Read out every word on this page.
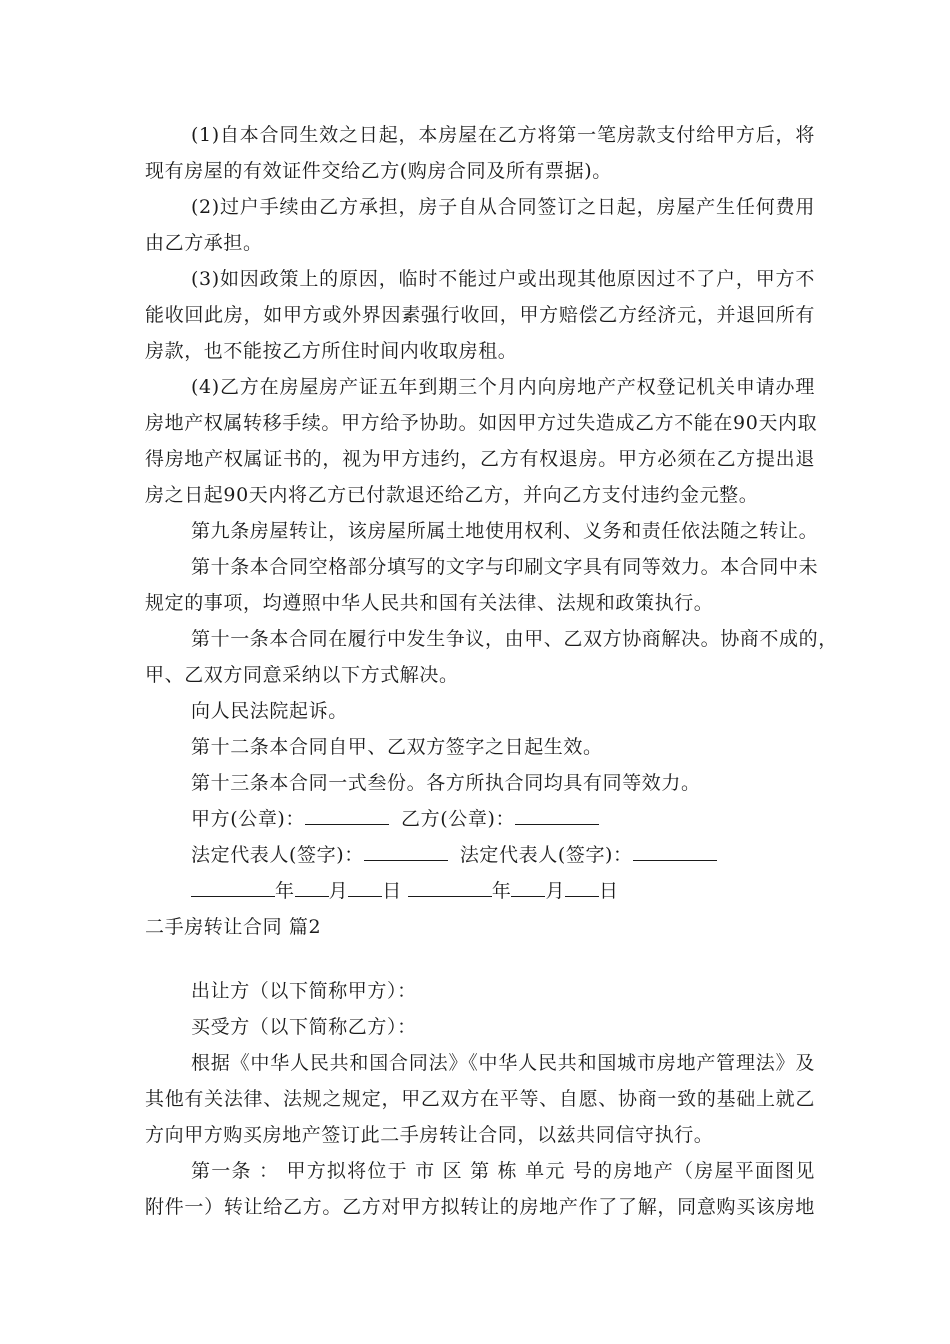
(1)自本合同生效之日起，本房屋在乙方将第一笔房款支付给甲方后，将
现有房屋的有效证件交给乙方(购房合同及所有票据)。
(2)过户手续由乙方承担，房子自从合同签订之日起，房屋产生任何费用
由乙方承担。
(3)如因政策上的原因，临时不能过户或出现其他原因过不了户，甲方不
能收回此房，如甲方或外界因素强行收回，甲方赔偿乙方经济元，并退回所有
房款，也不能按乙方所住时间内收取房租。
(4)乙方在房屋房产证五年到期三个月内向房地产产权登记机关申请办理
房地产权属转移手续。甲方给予协助。如因甲方过失造成乙方不能在90天内取
得房地产权属证书的，视为甲方违约，乙方有权退房。甲方必须在乙方提出退
房之日起90天内将乙方已付款退还给乙方，并向乙方支付违约金元整。
第九条房屋转让，该房屋所属土地使用权利、义务和责任依法随之转让。
第十条本合同空格部分填写的文字与印刷文字具有同等效力。本合同中未
规定的事项，均遵照中华人民共和国有关法律、法规和政策执行。
第十一条本合同在履行中发生争议，由甲、乙双方协商解决。协商不成的，
甲、乙双方同意采纳以下方式解决。
向人民法院起诉。
第十二条本合同自甲、乙双方签字之日起生效。
第十三条本合同一式叁份。各方所执合同均具有同等效力。
甲方(公章)：	乙方(公章)：
法定代表人(签字)：	法定代表人(签字)：
年 月 日	年 月 日
二手房转让合同 篇2
出让方（以下简称甲方）：
买受方（以下简称乙方）：
根据《中华人民共和国合同法》《中华人民共和国城市房地产管理法》及
其他有关法律、法规之规定，甲乙双方在平等、自愿、协商一致的基础上就乙
方向甲方购买房地产签订此二手房转让合同，以兹共同信守执行。
第一条 ： 甲方拟将位于 市 区 第 栋 单元 号的房地产（房屋平面图见
附件一）转让给乙方。乙方对甲方拟转让的房地产作了了解，同意购买该房地
